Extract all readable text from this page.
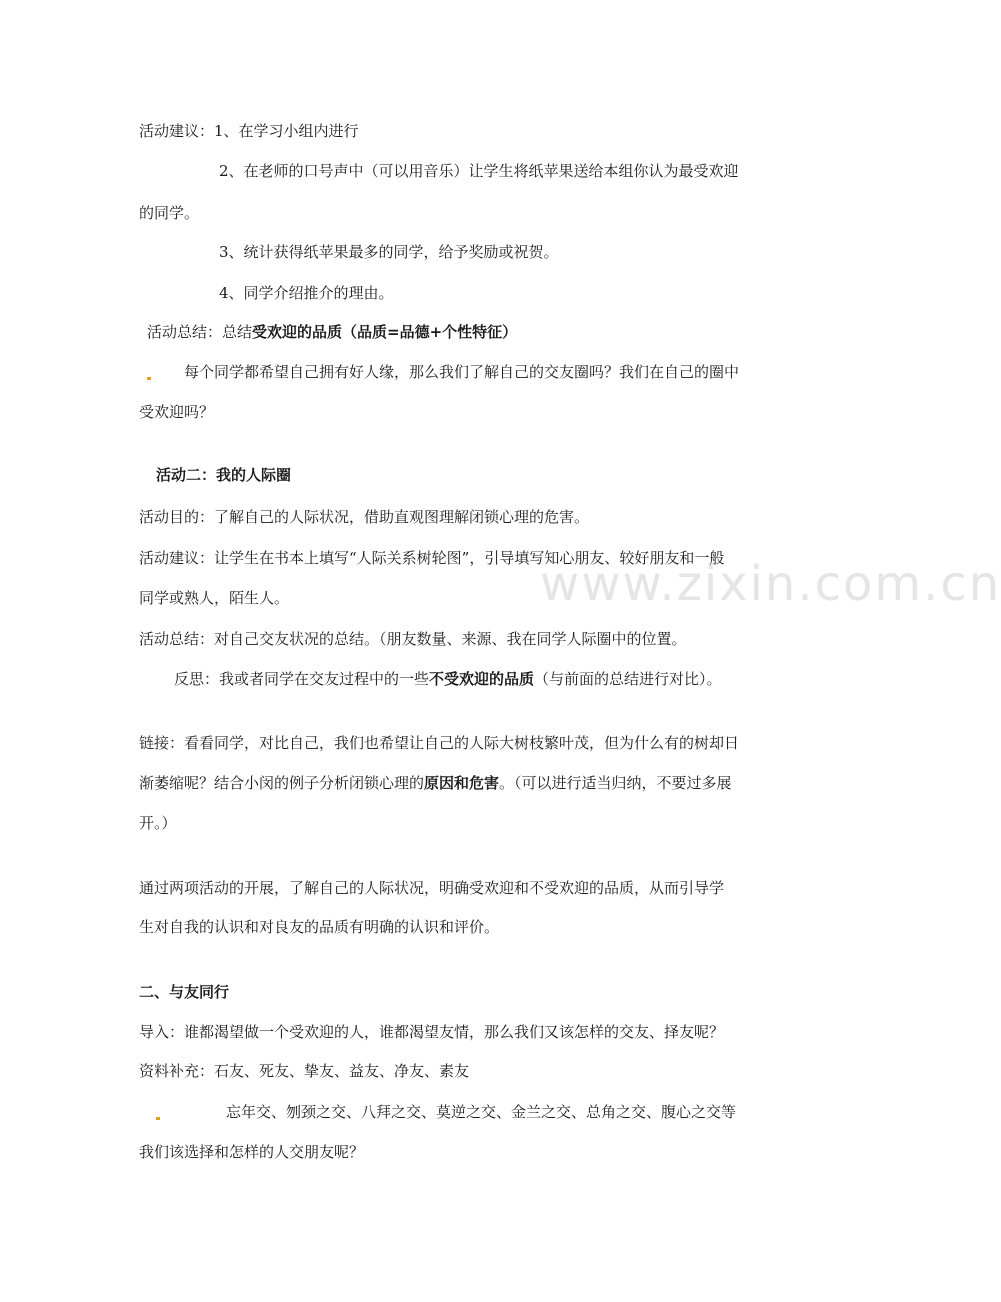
www.zixin.com.cn
活动建议：1、在学习小组内进行
2、在老师的口号声中（可以用音乐）让学生将纸苹果送给本组你认为最受欢迎
的同学。
3、统计获得纸苹果最多的同学，给予奖励或祝贺。
4、同学介绍推介的理由。
活动总结：总结受欢迎的品质（品质=品德+个性特征）
每个同学都希望自己拥有好人缘，那么我们了解自己的交友圈吗？我们在自己的圈中
受欢迎吗？
活动二：我的人际圈
活动目的：了解自己的人际状况，借助直观图理解闭锁心理的危害。
活动建议：让学生在书本上填写“人际关系树轮图”，引导填写知心朋友、较好朋友和一般
同学或熟人，陌生人。
活动总结：对自己交友状况的总结。（朋友数量、来源、我在同学人际圈中的位置。
反思：我或者同学在交友过程中的一些不受欢迎的品质（与前面的总结进行对比）。
链接：看看同学，对比自己，我们也希望让自己的人际大树枝繁叶茂，但为什么有的树却日
渐萎缩呢？结合小闵的例子分析闭锁心理的原因和危害。（可以进行适当归纳，不要过多展
开。）
通过两项活动的开展，了解自己的人际状况，明确受欢迎和不受欢迎的品质，从而引导学
生对自我的认识和对良友的品质有明确的认识和评价。
二、与友同行
导入：谁都渴望做一个受欢迎的人，谁都渴望友情，那么我们又该怎样的交友、择友呢？
资料补充：石友、死友、挚友、益友、净友、素友
忘年交、刎颈之交、八拜之交、莫逆之交、金兰之交、总角之交、腹心之交等
我们该选择和怎样的人交朋友呢？
